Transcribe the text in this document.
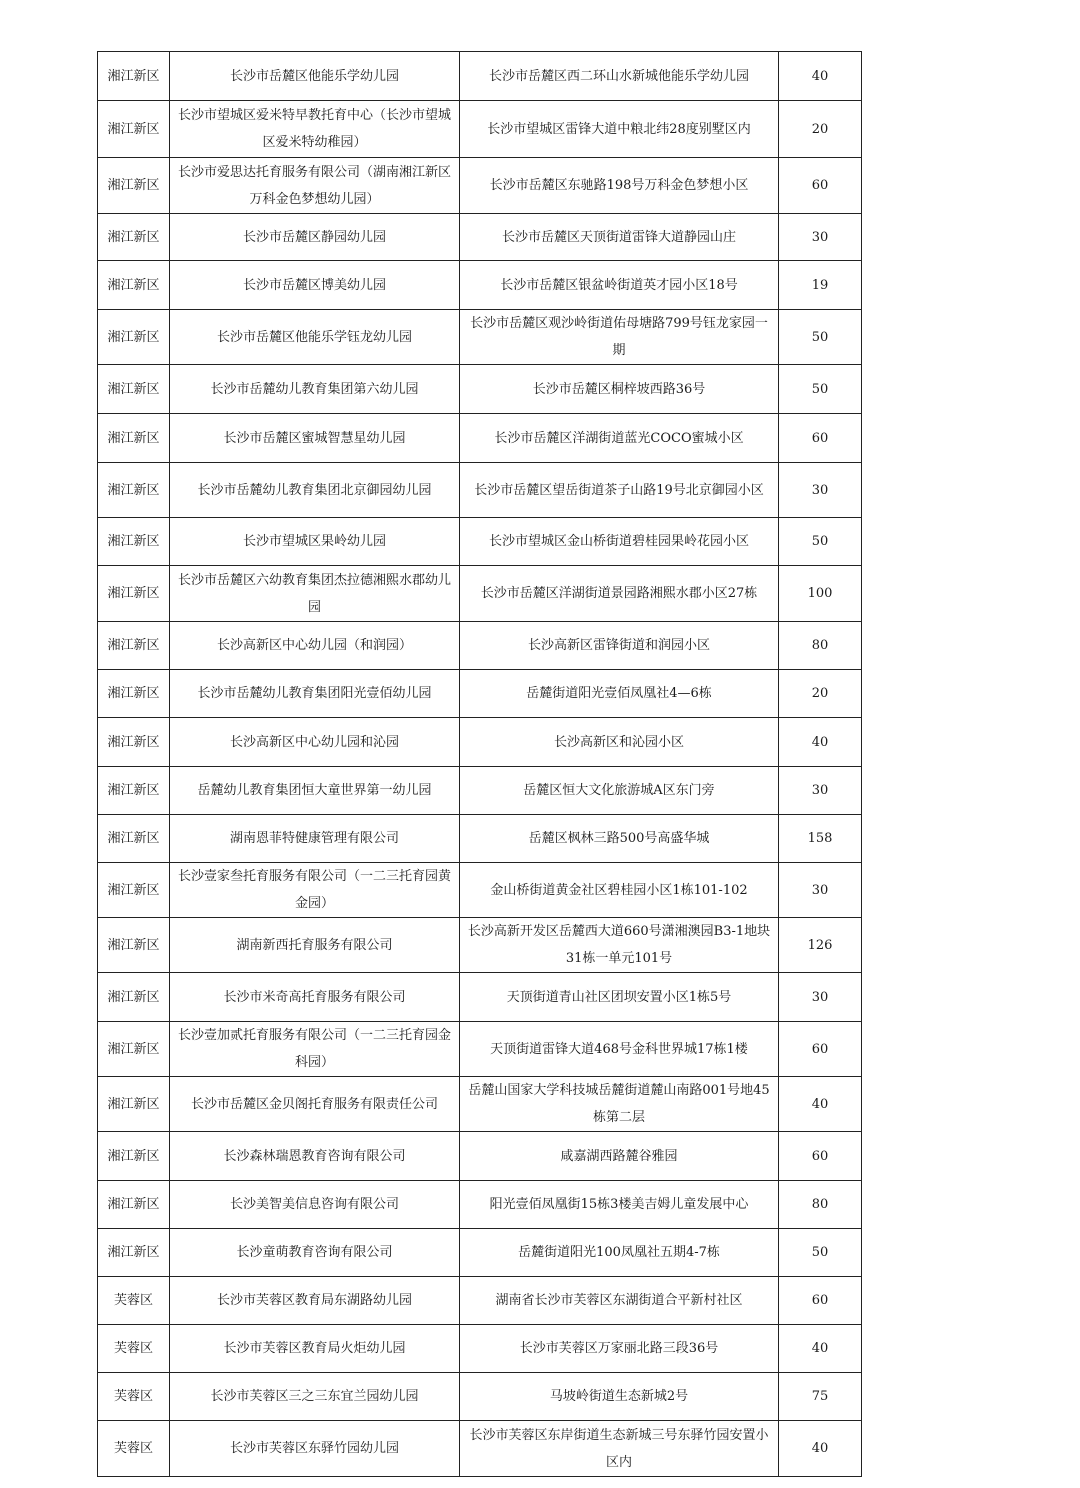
湘江新区	长沙市岳麓区他能乐学幼儿园	长沙市岳麓区西二环山水新城他能乐学幼儿园	40
湘江新区	长沙市望城区爱米特早教托育中心（长沙市望城区爱米特幼稚园）	长沙市望城区雷锋大道中粮北纬28度别墅区内	20
湘江新区	长沙市爱思达托育服务有限公司（湖南湘江新区万科金色梦想幼儿园）	长沙市岳麓区东驰路198号万科金色梦想小区	60
湘江新区	长沙市岳麓区静园幼儿园	长沙市岳麓区天顶街道雷锋大道静园山庄	30
湘江新区	长沙市岳麓区博美幼儿园	长沙市岳麓区银盆岭街道英才园小区18号	19
湘江新区	长沙市岳麓区他能乐学钰龙幼儿园	长沙市岳麓区观沙岭街道佑母塘路799号钰龙家园一期	50
湘江新区	长沙市岳麓幼儿教育集团第六幼儿园	长沙市岳麓区桐梓坡西路36号	50
湘江新区	长沙市岳麓区蜜城智慧星幼儿园	长沙市岳麓区洋湖街道蓝光COCO蜜城小区	60
湘江新区	长沙市岳麓幼儿教育集团北京御园幼儿园	长沙市岳麓区望岳街道茶子山路19号北京御园小区	30
湘江新区	长沙市望城区果岭幼儿园	长沙市望城区金山桥街道碧桂园果岭花园小区	50
湘江新区	长沙市岳麓区六幼教育集团杰拉德湘熙水郡幼儿园	长沙市岳麓区洋湖街道景园路湘熙水郡小区27栋	100
湘江新区	长沙高新区中心幼儿园（和润园）	长沙高新区雷锋街道和润园小区	80
湘江新区	长沙市岳麓幼儿教育集团阳光壹佰幼儿园	岳麓街道阳光壹佰凤凰社4—6栋	20
湘江新区	长沙高新区中心幼儿园和沁园	长沙高新区和沁园小区	40
湘江新区	岳麓幼儿教育集团恒大童世界第一幼儿园	岳麓区恒大文化旅游城A区东门旁	30
湘江新区	湖南恩菲特健康管理有限公司	岳麓区枫林三路500号高盛华城	158
湘江新区	长沙壹家叁托育服务有限公司（一二三托育园黄金园）	金山桥街道黄金社区碧桂园小区1栋101-102	30
湘江新区	湖南新西托育服务有限公司	长沙高新开发区岳麓西大道660号潇湘澳园B3-1地块31栋一单元101号	126
湘江新区	长沙市米奇高托育服务有限公司	天顶街道青山社区团坝安置小区1栋5号	30
湘江新区	长沙壹加贰托育服务有限公司（一二三托育园金科园）	天顶街道雷锋大道468号金科世界城17栋1楼	60
湘江新区	长沙市岳麓区金贝阁托育服务有限责任公司	岳麓山国家大学科技城岳麓街道麓山南路001号地45栋第二层	40
湘江新区	长沙森林瑞恩教育咨询有限公司	咸嘉湖西路麓谷雅园	60
湘江新区	长沙美智美信息咨询有限公司	阳光壹佰凤凰街15栋3楼美吉姆儿童发展中心	80
湘江新区	长沙童萌教育咨询有限公司	岳麓街道阳光100凤凰社五期4-7栋	50
芙蓉区	长沙市芙蓉区教育局东湖路幼儿园	湖南省长沙市芙蓉区东湖街道合平新村社区	60
芙蓉区	长沙市芙蓉区教育局火炬幼儿园	长沙市芙蓉区万家丽北路三段36号	40
芙蓉区	长沙市芙蓉区三之三东宜兰园幼儿园	马坡岭街道生态新城2号	75
芙蓉区	长沙市芙蓉区东驿竹园幼儿园	长沙市芙蓉区东岸街道生态新城三号东驿竹园安置小区内	40
